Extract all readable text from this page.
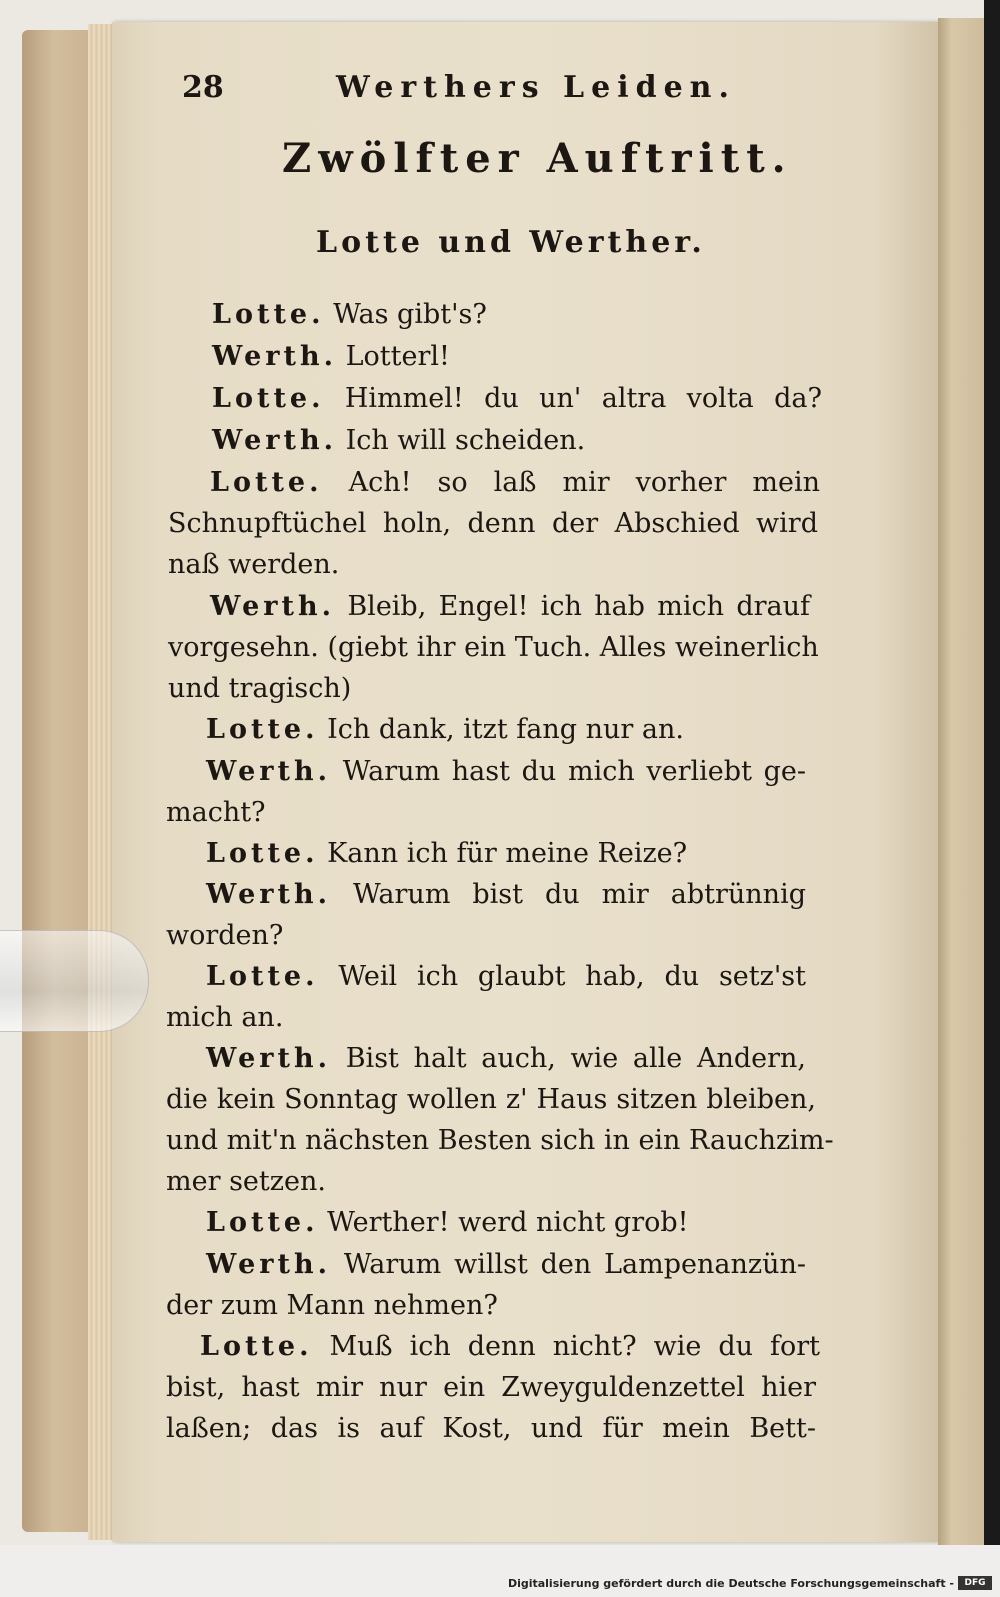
28	Werthers Leiden.
Zwölfter Auftritt.
Lotte und Werther.
Lotte. Was gibt's?
Werth. Lotterl!
Lotte. Himmel! du un' altra volta da?
Werth. Ich will scheiden.
Lotte. Ach! so laß mir vorher mein
Schnupftüchel holn, denn der Abschied wird
naß werden.
Werth. Bleib, Engel! ich hab mich drauf
vorgesehn. (giebt ihr ein Tuch. Alles weinerlich
und tragisch)
Lotte. Ich dank, itzt fang nur an.
Werth. Warum hast du mich verliebt ge-
macht?
Lotte. Kann ich für meine Reize?
Werth. Warum bist du mir abtrünnig
worden?
Lotte. Weil ich glaubt hab, du setz'st
mich an.
Werth. Bist halt auch, wie alle Andern,
die kein Sonntag wollen z' Haus sitzen bleiben,
und mit'n nächsten Besten sich in ein Rauchzim-
mer setzen.
Lotte. Werther! werd nicht grob!
Werth. Warum willst den Lampenanzün-
der zum Mann nehmen?
Lotte. Muß ich denn nicht? wie du fort
bist, hast mir nur ein Zweyguldenzettel hier
laßen; das is auf Kost, und für mein Bett-
Digitalisierung gefördert durch die Deutsche Forschungsgemeinschaft -	DFG
